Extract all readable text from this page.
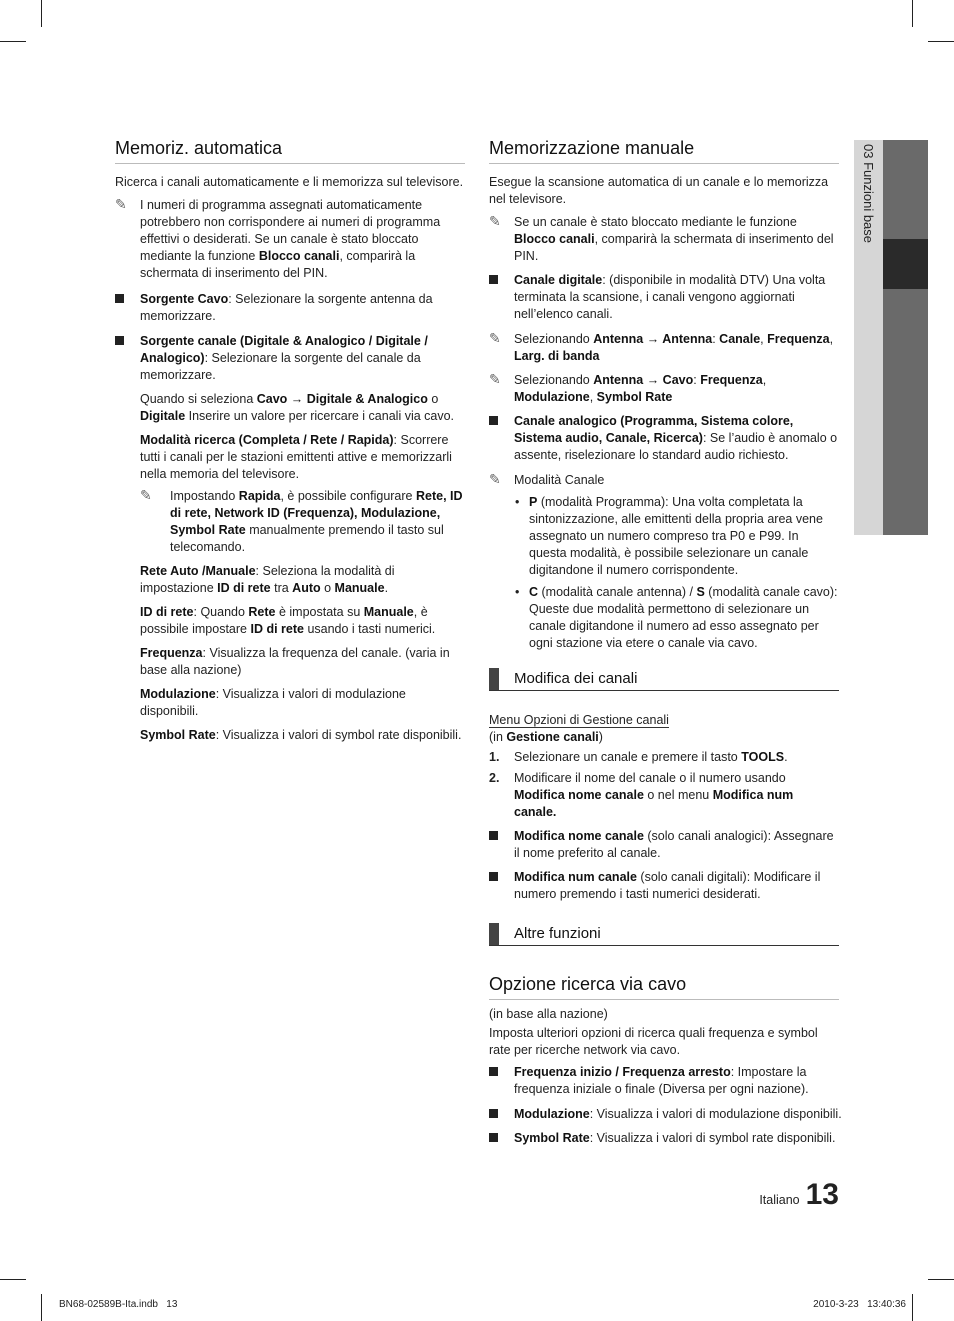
Memoriz. automatica

Ricerca i canali automaticamente e li memorizza sul televisore.

✎ I numeri di programma assegnati automaticamente potrebbero non corrispondere ai numeri di programma effettivi o desiderati. Se un canale è stato bloccato mediante la funzione Blocco canali, comparirà la schermata di inserimento del PIN.
Sorgente Cavo: Selezionare la sorgente antenna da memorizzare.
Sorgente canale (Digitale & Analogico / Digitale / Analogico): Selezionare la sorgente del canale da memorizzare.
Quando si seleziona Cavo → Digitale & Analogico o Digitale Inserire un valore per ricercare i canali via cavo.
Modalità ricerca (Completa / Rete / Rapida): Scorrere tutti i canali per le stazioni emittenti attive e memorizzarli nella memoria del televisore.
✎ Impostando Rapida, è possibile configurare Rete, ID di rete, Network ID (Frequenza), Modulazione, Symbol Rate manualmente premendo il tasto sul telecomando.
Rete Auto /Manuale: Seleziona la modalità di impostazione ID di rete tra Auto o Manuale.
ID di rete: Quando Rete è impostata su Manuale, è possibile impostare ID di rete usando i tasti numerici.
Frequenza: Visualizza la frequenza del canale. (varia in base alla nazione)
Modulazione: Visualizza i valori di modulazione disponibili.
Symbol Rate: Visualizza i valori di symbol rate disponibili.
Memorizzazione manuale

Esegue la scansione automatica di un canale e lo memorizza nel televisore.

✎ Se un canale è stato bloccato mediante le funzione Blocco canali, comparirà la schermata di inserimento del PIN.
Canale digitale: (disponibile in modalità DTV) Una volta terminata la scansione, i canali vengono aggiornati nell’elenco canali.
✎ Selezionando Antenna → Antenna: Canale, Frequenza, Larg. di banda
✎ Selezionando Antenna → Cavo: Frequenza, Modulazione, Symbol Rate
Canale analogico (Programma, Sistema colore, Sistema audio, Canale, Ricerca): Se l’audio è anomalo o assente, riselezionare lo standard audio richiesto.
✎ Modalità Canale
• P (modalità Programma): Una volta completata la sintonizzazione, alle emittenti della propria area vene assegnato un numero compreso tra P0 e P99. In questa modalità, è possibile selezionare un canale digitandone il numero corrispondente.
• C (modalità canale antenna) / S (modalità canale cavo): Queste due modalità permettono di selezionare un canale digitandone il numero ad esso assegnato per ogni stazione via etere o canale via cavo.
Modifica dei canali
Menu Opzioni di Gestione canali

(in Gestione canali)

1. Selezionare un canale e premere il tasto TOOLS.
2. Modificare il nome del canale o il numero usando Modifica nome canale o nel menu Modifica num canale.
Modifica nome canale (solo canali analogici): Assegnare il nome preferito al canale.
Modifica num canale (solo canali digitali): Modificare il numero premendo i tasti numerici desiderati.
Altre funzioni
Opzione ricerca via cavo

(in base alla nazione)

Imposta ulteriori opzioni di ricerca quali frequenza e symbol rate per ricerche network via cavo.

Frequenza inizio / Frequenza arresto: Impostare la frequenza iniziale o finale (Diversa per ogni nazione).
Modulazione: Visualizza i valori di modulazione disponibili.
Symbol Rate: Visualizza i valori di symbol rate disponibili.
03 Funzioni base
Italiano 13
BN68-02589B-Ita.indb   13	2010-3-23   13:40:36
